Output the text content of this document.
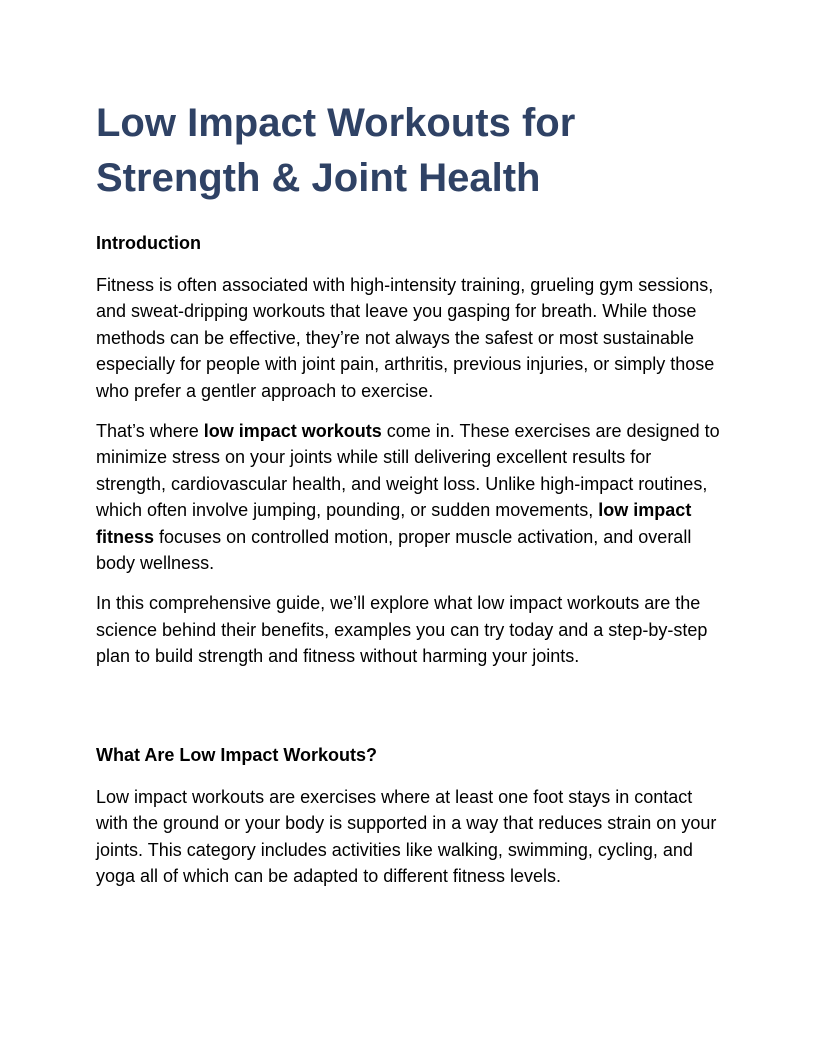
Low Impact Workouts for Strength & Joint Health
Introduction

Fitness is often associated with high-intensity training, grueling gym sessions, and sweat-dripping workouts that leave you gasping for breath. While those methods can be effective, they’re not always the safest or most sustainable especially for people with joint pain, arthritis, previous injuries, or simply those who prefer a gentler approach to exercise.

That’s where low impact workouts come in. These exercises are designed to minimize stress on your joints while still delivering excellent results for strength, cardiovascular health, and weight loss. Unlike high-impact routines, which often involve jumping, pounding, or sudden movements, low impact fitness focuses on controlled motion, proper muscle activation, and overall body wellness.

In this comprehensive guide, we’ll explore what low impact workouts are the science behind their benefits, examples you can try today and a step-by-step plan to build strength and fitness without harming your joints.

What Are Low Impact Workouts?

Low impact workouts are exercises where at least one foot stays in contact with the ground or your body is supported in a way that reduces strain on your joints. This category includes activities like walking, swimming, cycling, and yoga all of which can be adapted to different fitness levels.
